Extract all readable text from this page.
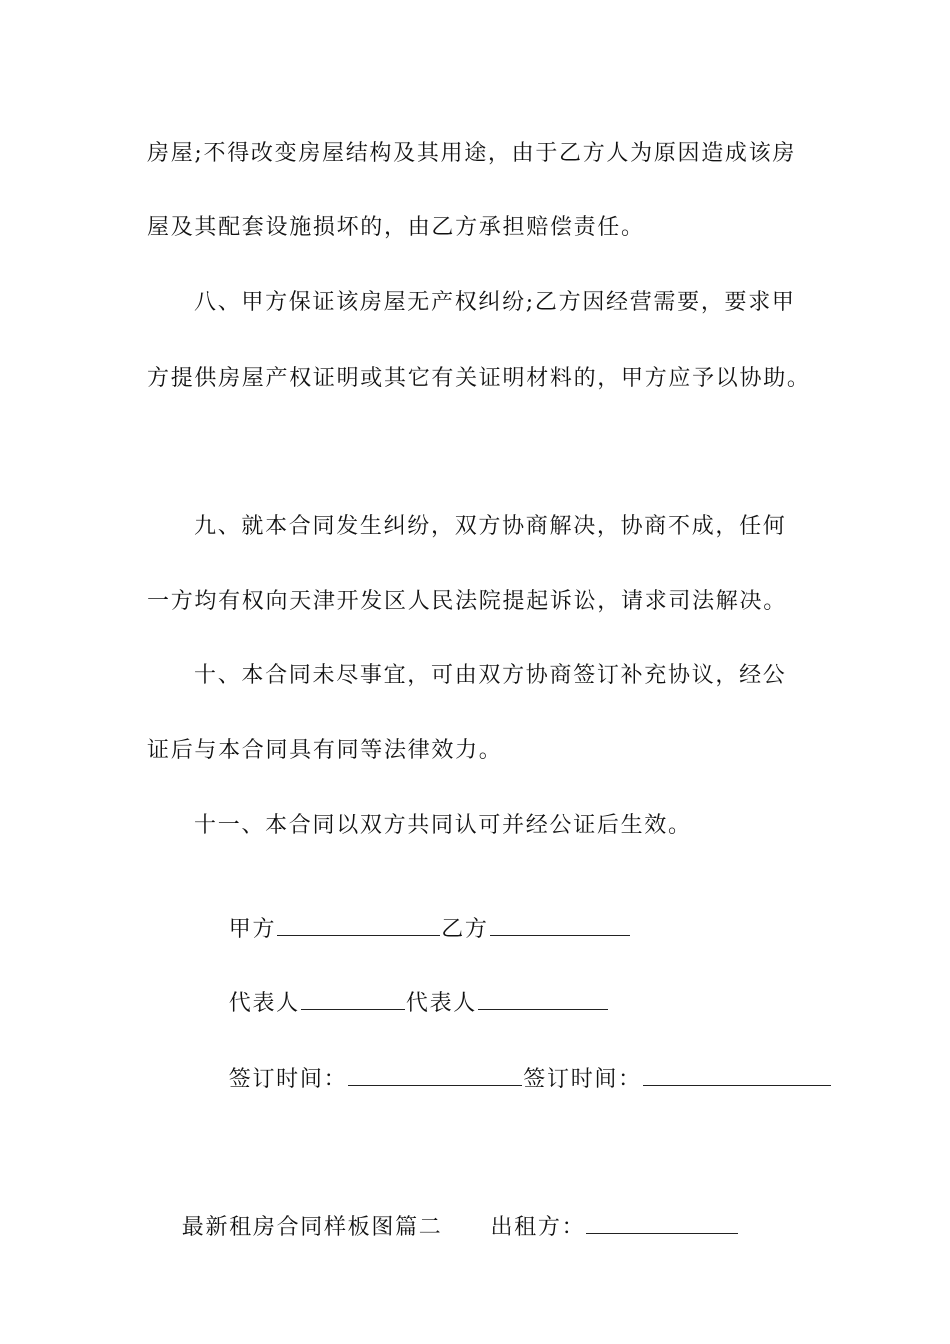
房屋;不得改变房屋结构及其用途，由于乙方人为原因造成该房
屋及其配套设施损坏的，由乙方承担赔偿责任。
八、甲方保证该房屋无产权纠纷;乙方因经营需要，要求甲
方提供房屋产权证明或其它有关证明材料的，甲方应予以协助。
九、就本合同发生纠纷，双方协商解决，协商不成，任何
一方均有权向天津开发区人民法院提起诉讼，请求司法解决。
十、本合同未尽事宜，可由双方协商签订补充协议，经公
证后与本合同具有同等法律效力。
十一、本合同以双方共同认可并经公证后生效。

甲方	乙方

代表人	代表人

签订时间：	签订时间：

最新租房合同样板图篇二 出租方：
